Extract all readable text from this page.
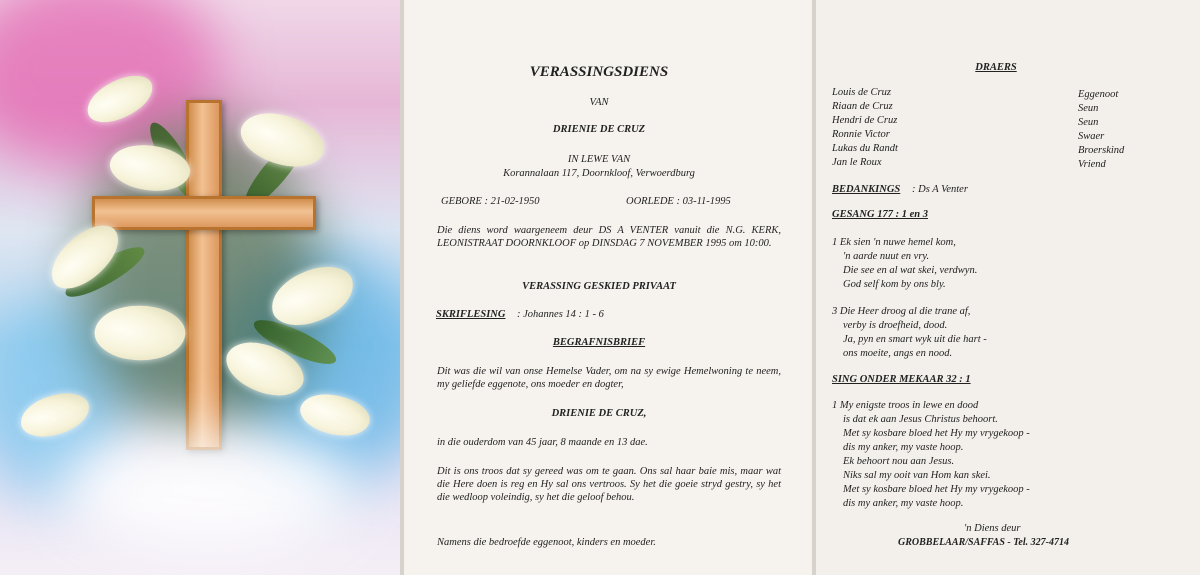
VERASSINGSDIENS
VAN
DRIENIE DE CRUZ
IN LEWE VAN
Korannalaan 117, Doornkloof, Verwoerdburg
GEBORE : 21-02-1950	OORLEDE : 03-11-1995
Die diens word waargeneem deur DS A VENTER vanuit die N.G. KERK, LEONISTRAAT DOORNKLOOF op DINSDAG 7 NOVEMBER 1995 om 10:00.
VERASSING GESKIED PRIVAAT
SKRIFLESING : Johannes 14 : 1 - 6
BEGRAFNISBRIEF
Dit was die wil van onse Hemelse Vader, om na sy ewige Hemelwoning te neem, my geliefde eggenote, ons moeder en dogter,
DRIENIE DE CRUZ,
in die ouderdom van 45 jaar, 8 maande en 13 dae.
Dit is ons troos dat sy gereed was om te gaan. Ons sal haar baie mis, maar wat die Here doen is reg en Hy sal ons vertroos. Sy het die goeie stryd gestry, sy het die wedloop voleindig, sy het die geloof behou.
Namens die bedroefde eggenoot, kinders en moeder.
DRAERS
Louis de Cruz	Eggenoot
Riaan de Cruz	Seun
Hendri de Cruz	Seun
Ronnie Victor	Swaer
Lukas du Randt	Broerskind
Jan le Roux	Vriend
BEDANKINGS : Ds A Venter
GESANG 177 : 1 en 3
1 Ek sien 'n nuwe hemel kom,
'n aarde nuut en vry.
Die see en al wat skei, verdwyn.
God self kom by ons bly.
3 Die Heer droog al die trane af,
verby is droefheid, dood.
Ja, pyn en smart wyk uit die hart -
ons moeite, angs en nood.
SING ONDER MEKAAR 32 : 1
1 My enigste troos in lewe en dood
is dat ek aan Jesus Christus behoort.
Met sy kosbare bloed het Hy my vrygekoop -
dis my anker, my vaste hoop.
Ek behoort nou aan Jesus.
Niks sal my ooit van Hom kan skei.
Met sy kosbare bloed het Hy my vrygekoop -
dis my anker, my vaste hoop.
'n Diens deur
GROBBELAAR/SAFFAS - Tel. 327-4714
